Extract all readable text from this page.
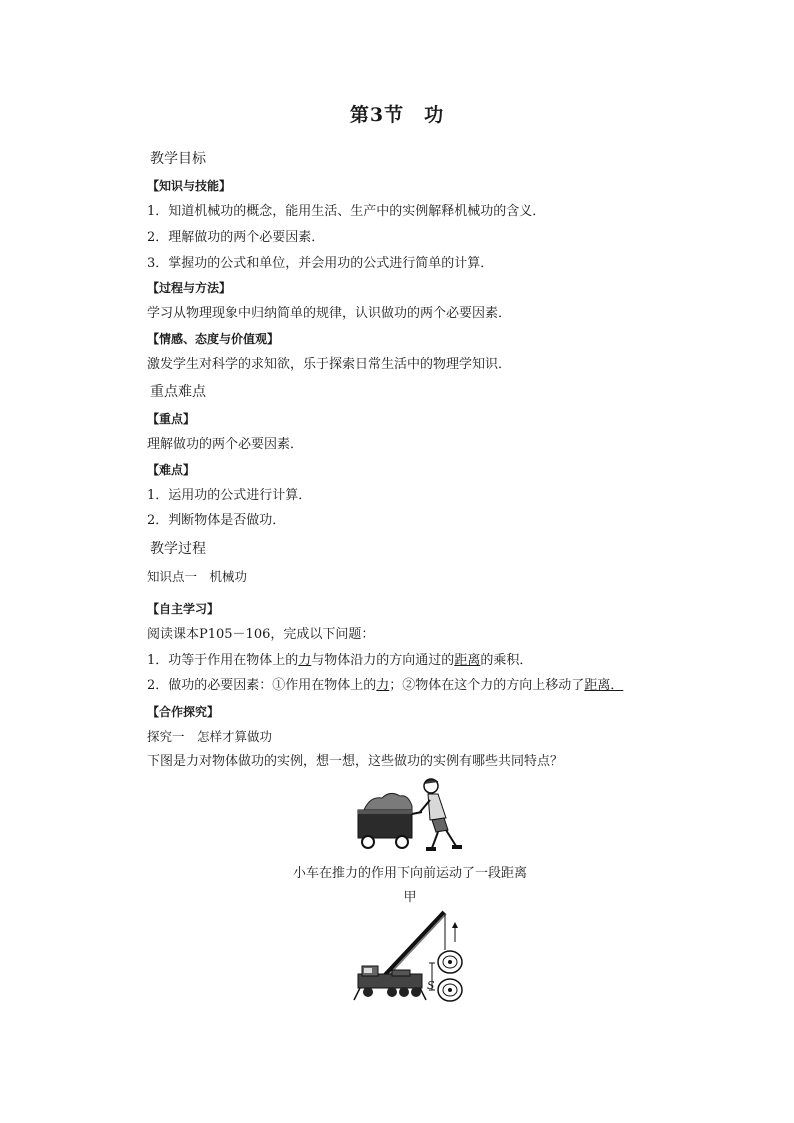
第3节　功
教学目标
【知识与技能】
1．知道机械功的概念，能用生活、生产中的实例解释机械功的含义．
2．理解做功的两个必要因素．
3．掌握功的公式和单位，并会用功的公式进行简单的计算．
【过程与方法】
学习从物理现象中归纳简单的规律，认识做功的两个必要因素．
【情感、态度与价值观】
激发学生对科学的求知欲，乐于探索日常生活中的物理学知识．
重点难点
【重点】
理解做功的两个必要因素．
【难点】
1．运用功的公式进行计算．
2．判断物体是否做功．
教学过程
知识点一　机械功
【自主学习】
阅读课本P105－106，完成以下问题：
1．功等于作用在物体上的力与物体沿力的方向通过的距离的乘积．
2．做功的必要因素：①作用在物体上的力；②物体在这个力的方向上移动了距离．
【合作探究】
探究一　怎样才算做功
下图是力对物体做功的实例，想一想，这些做功的实例有哪些共同特点？
小车在推力的作用下向前运动了一段距离
甲
S
